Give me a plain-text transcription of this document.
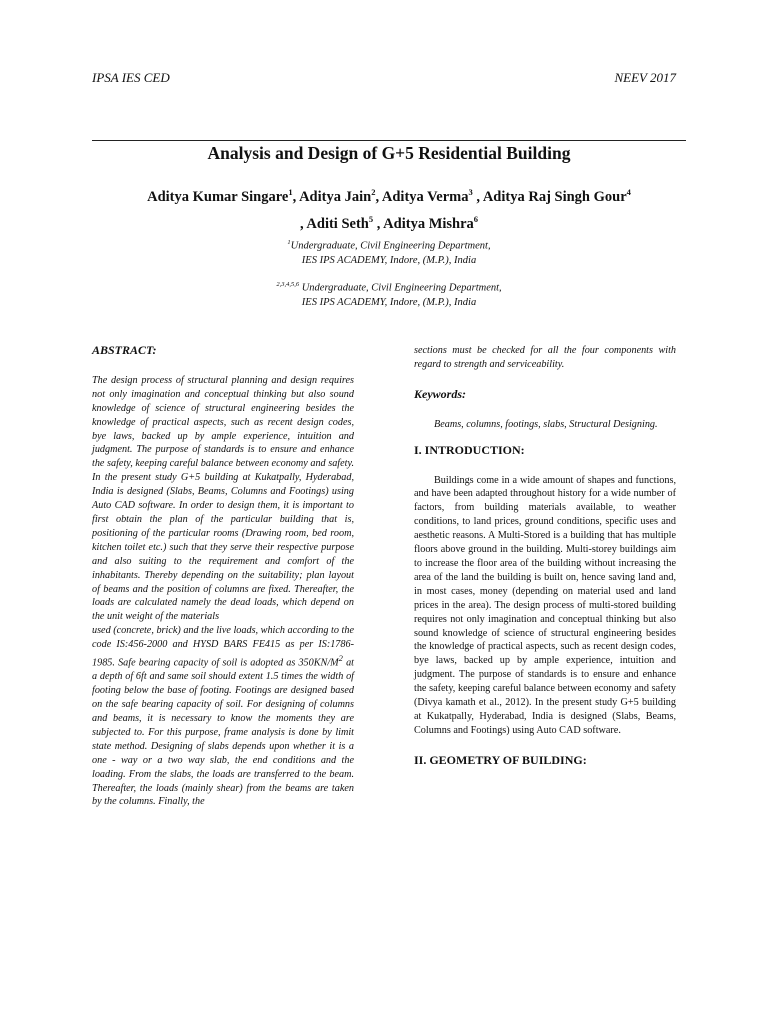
IPSA IES CED	NEEV 2017
Analysis and Design of G+5 Residential Building
Aditya Kumar Singare$^1$, Aditya Jain$^2$, Aditya Verma$^3$ , Aditya Raj Singh Gour$^4$
, Aditi Seth$^5$ , Aditya Mishra$^6$
$^1$Undergraduate, Civil Engineering Department,
IES IPS ACADEMY, Indore, (M.P.), India
$^{2,3,4,5,6}$ Undergraduate, Civil Engineering Department,
IES IPS ACADEMY, Indore, (M.P.), India

ABSTRACT:

The design process of structural planning and design requires not only imagination and conceptual thinking but also sound knowledge of science of structural engineering besides the knowledge of practical aspects, such as recent design codes, bye laws, backed up by ample experience, intuition and judgment. The purpose of standards is to ensure and enhance the safety, keeping careful balance between economy and safety. In the present study G+5 building at Kukatpally, Hyderabad, India is designed (Slabs, Beams, Columns and Footings) using Auto CAD software. In order to design them, it is important to first obtain the plan of the particular building that is, positioning of the particular rooms (Drawing room, bed room, kitchen toilet etc.) such that they serve their respective purpose and also suiting to the requirement and comfort of the inhabitants. Thereby depending on the suitability; plan layout of beams and the position of columns are fixed. Thereafter, the loads are calculated namely the dead loads, which depend on the unit weight of the materials

used (concrete, brick) and the live loads, which according to the code IS:456-2000 and HYSD BARS FE415 as per IS:1786-1985. Safe bearing capacity of soil is adopted as $350KN/M^2$ at a depth of 6ft and same soil should extent 1.5 times the width of footing below the base of footing. Footings are designed based on the safe bearing capacity of soil. For designing of columns and beams, it is necessary to know the moments they are subjected to. For this purpose, frame analysis is done by limit state method. Designing of slabs depends upon whether it is a one - way or a two way slab, the end conditions and the loading. From the slabs, the loads are transferred to the beam. Thereafter, the loads (mainly shear) from the beams are taken by the columns. Finally, the

sections must be checked for all the four components with regard to strength and serviceability.

Keywords:

Beams, columns, footings, slabs, Structural Designing.

I. INTRODUCTION:

Buildings come in a wide amount of shapes and functions, and have been adapted throughout history for a wide number of factors, from building materials available, to weather conditions, to land prices, ground conditions, specific uses and aesthetic reasons. A Multi-Stored is a building that has multiple floors above ground in the building. Multi-storey buildings aim to increase the floor area of the building without increasing the area of the land the building is built on, hence saving land and, in most cases, money (depending on material used and land prices in the area). The design process of multi-stored building requires not only imagination and conceptual thinking but also sound knowledge of science of structural engineering besides the knowledge of practical aspects, such as recent design codes, bye laws, backed up by ample experience, intuition and judgment. The purpose of standards is to ensure and enhance the safety, keeping careful balance between economy and safety (Divya kamath et al., 2012). In the present study G+5 building at Kukatpally, Hyderabad, India is designed (Slabs, Beams, Columns and Footings) using Auto CAD software.

II. GEOMETRY OF BUILDING:
